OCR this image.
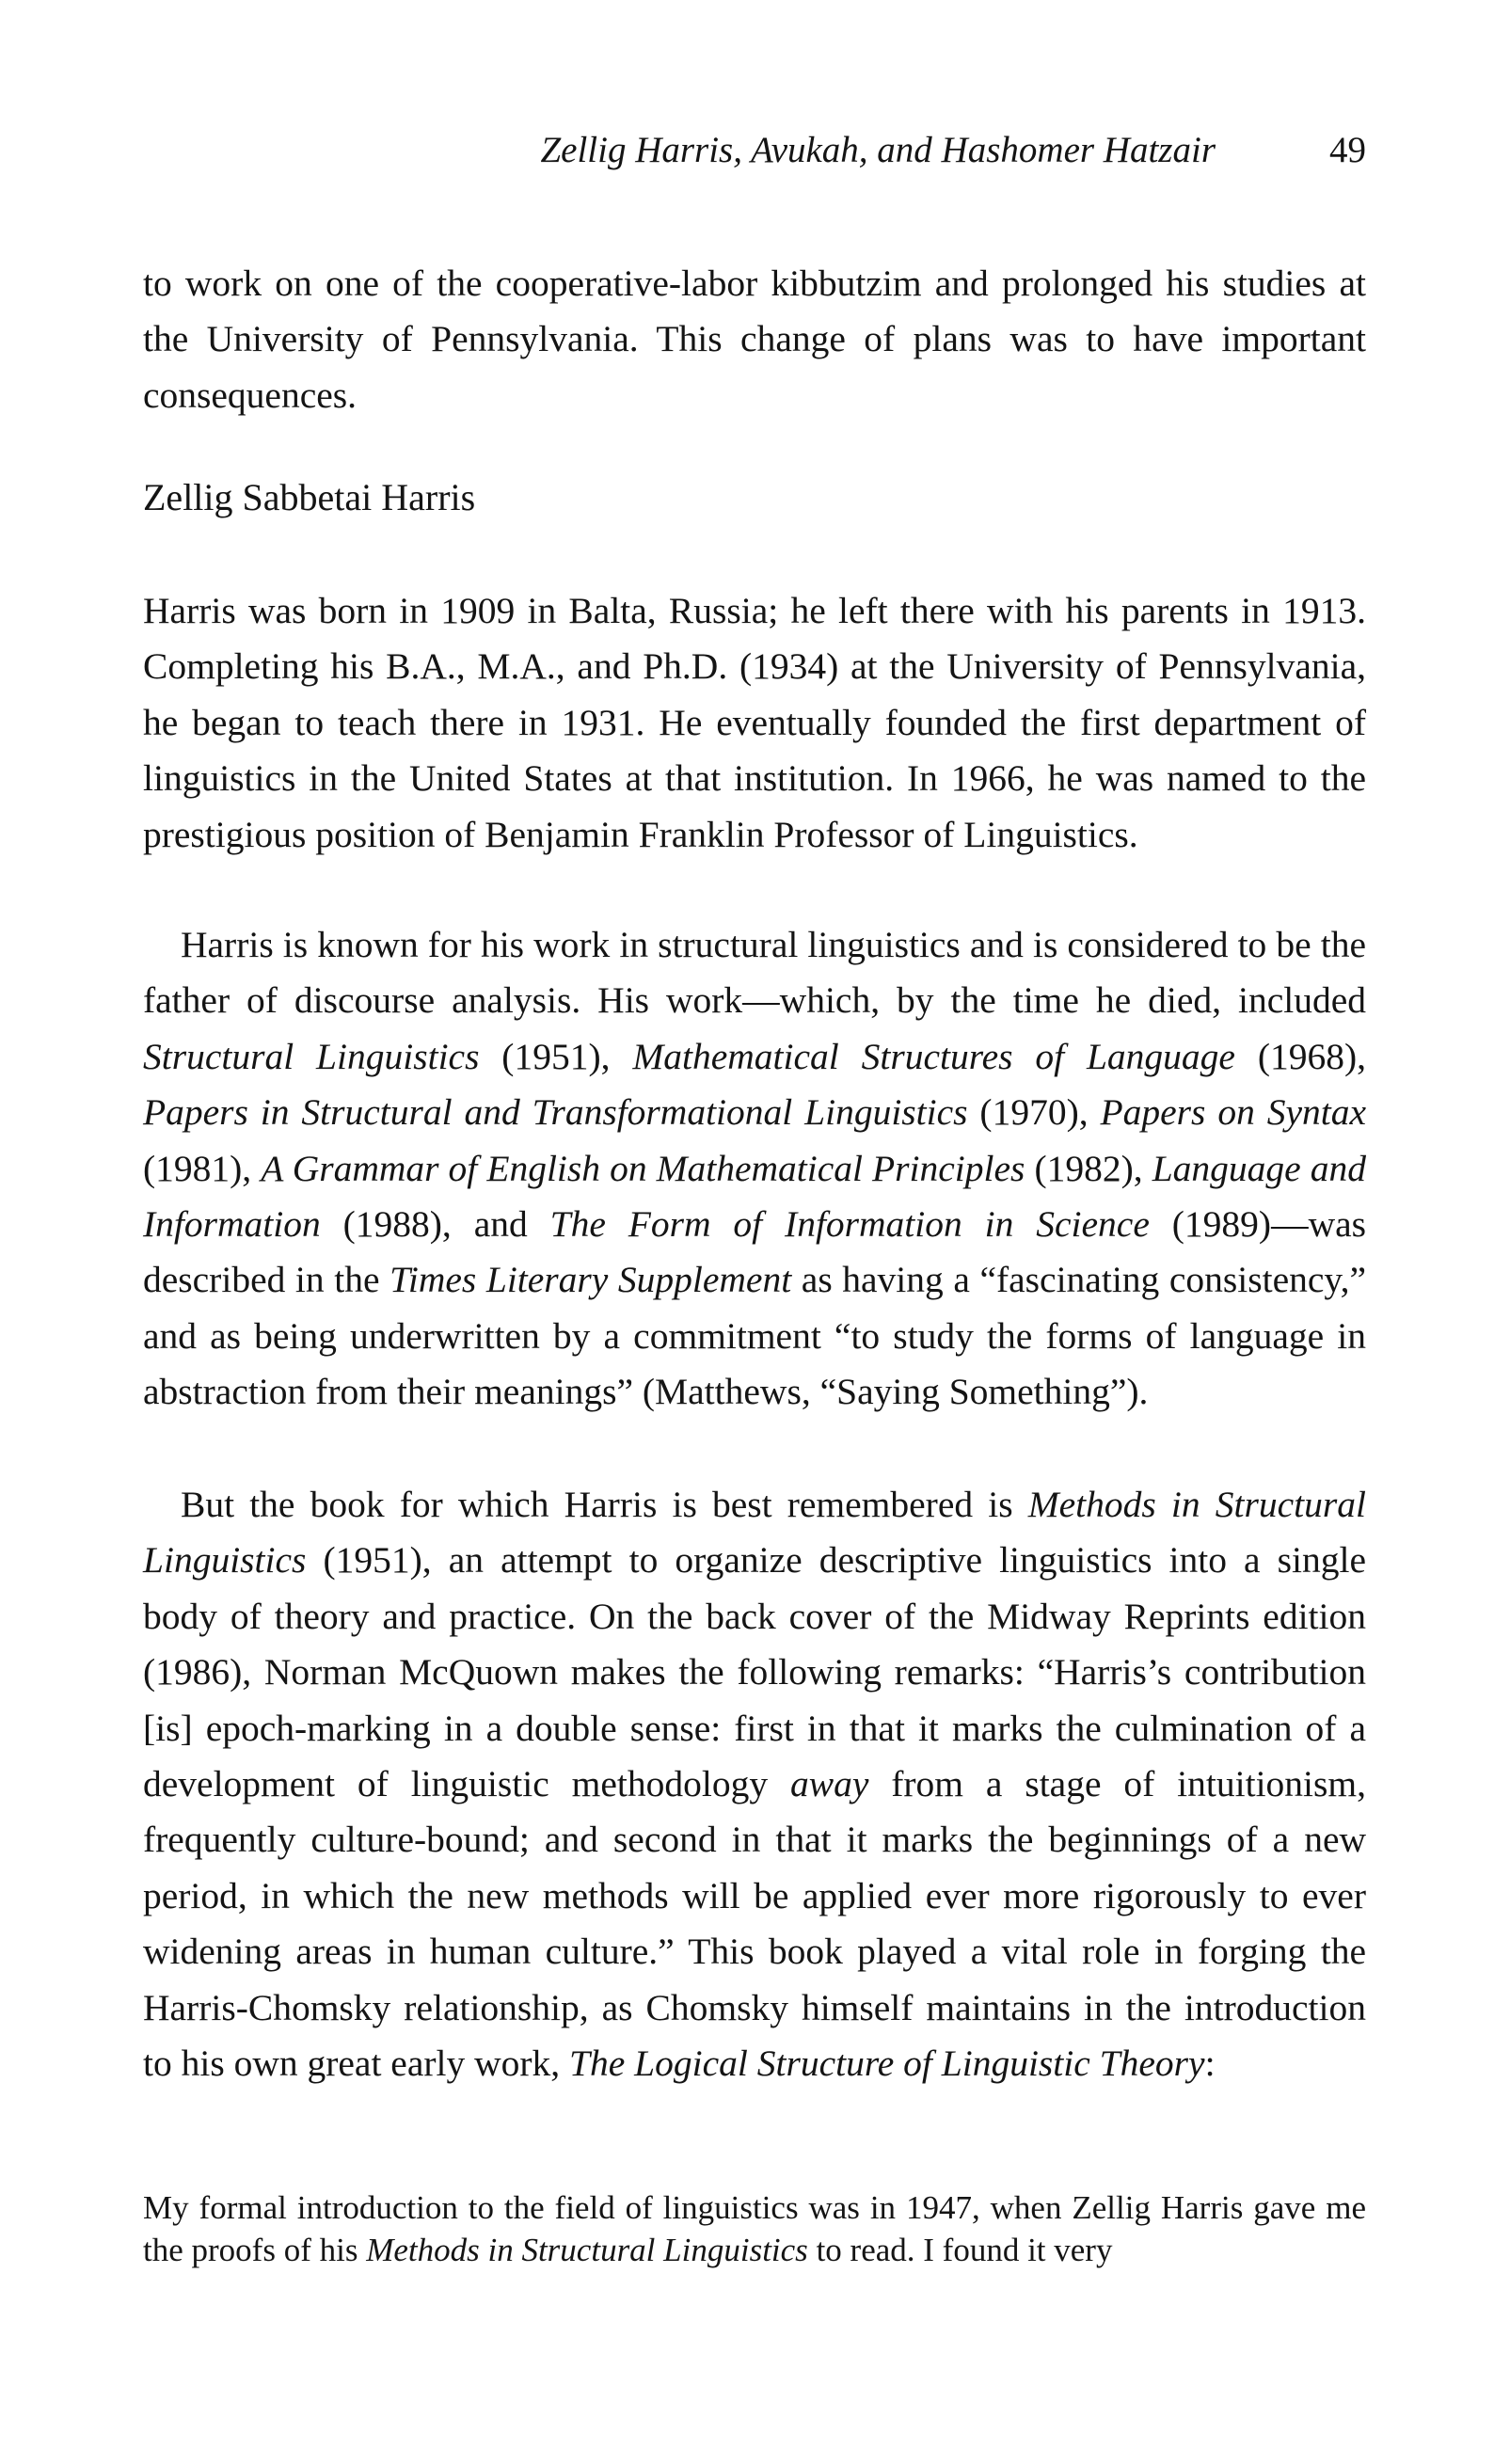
Zellig Harris, Avukah, and Hashomer Hatzair	49

to work on one of the cooperative-labor kibbutzim and prolonged his studies at the University of Pennsylvania. This change of plans was to have important consequences.

Zellig Sabbetai Harris

Harris was born in 1909 in Balta, Russia; he left there with his parents in 1913. Completing his B.A., M.A., and Ph.D. (1934) at the University of Pennsylvania, he began to teach there in 1931. He eventually founded the first department of linguistics in the United States at that institution. In 1966, he was named to the prestigious position of Benjamin Franklin Professor of Linguistics.

Harris is known for his work in structural linguistics and is considered to be the father of discourse analysis. His work—which, by the time he died, included Structural Linguistics (1951), Mathematical Structures of Language (1968), Papers in Structural and Transformational Linguistics (1970), Papers on Syntax (1981), A Grammar of English on Mathematical Principles (1982), Language and Information (1988), and The Form of Information in Science (1989)—was described in the Times Literary Supplement as having a “fascinating consistency,” and as being underwritten by a commitment “to study the forms of language in abstraction from their meanings” (Matthews, “Saying Something”).

But the book for which Harris is best remembered is Methods in Structural Linguistics (1951), an attempt to organize descriptive linguistics into a single body of theory and practice. On the back cover of the Midway Reprints edition (1986), Norman McQuown makes the following remarks: “Harris’s contribution [is] epoch-marking in a double sense: first in that it marks the culmination of a development of linguistic methodology away from a stage of intuitionism, frequently culture-bound; and second in that it marks the beginnings of a new period, in which the new methods will be applied ever more rigorously to ever widening areas in human culture.” This book played a vital role in forging the Harris-Chomsky relationship, as Chomsky himself maintains in the introduction to his own great early work, The Logical Structure of Linguistic Theory:

My formal introduction to the field of linguistics was in 1947, when Zellig Harris gave me the proofs of his Methods in Structural Linguistics to read. I found it very
